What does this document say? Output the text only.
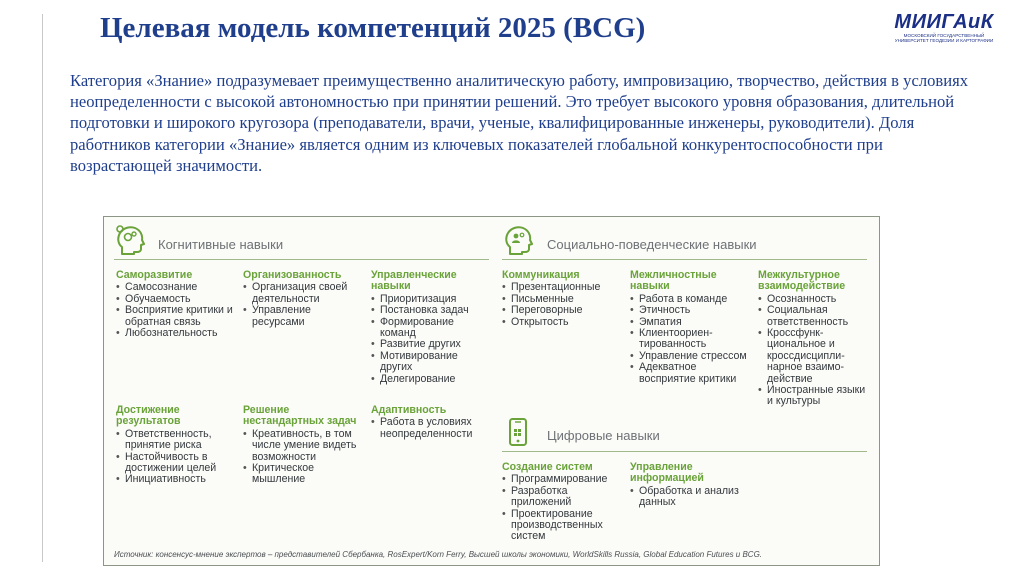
Целевая модель компетенций 2025 (BCG)	МИИГАиК
МОСКОВСКИЙ ГОСУДАРСТВЕННЫЙ УНИВЕРСИТЕТ ГЕОДЕЗИИ И КАРТОГРАФИИ

Категория «Знание» подразумевает преимущественно аналитическую работу, импровизацию, творчество, действия в условиях неопределенности с высокой автономностью при принятии решений. Это требует высокого уровня образования, длительной подготовки и широкого кругозора (преподаватели, врачи, ученые, квалифицированные инженеры, руководители). Доля работников категории «Знание» является одним из ключевых показателей глобальной конкурентоспособности при возрастающей значимости.

Когнитивные навыки	Социально-поведенческие навыки
Цифровые навыки
Саморазвитие
• Самосознание
• Обучаемость
• Восприятие критики и обратная связь
• Любознательность
Организованность
• Организация своей деятельности
• Управление ресурсами
Управленческие навыки
• Приоритизация
• Постановка задач
• Формирование команд
• Развитие других
• Мотивирование других
• Делегирование
Коммуникация
• Презентационные
• Письменные
• Переговорные
• Открытость
Межличностные навыки
• Работа в команде
• Этичность
• Эмпатия
• Клиентоориен-тированность
• Управление стрессом
• Адекватное восприятие критики
Межкультурное взаимодействие
• Осознанность
• Социальная ответственность
• Кроссфунк-циональное и кроссдисципли-нарное взаимо-действие
• Иностранные языки и культуры
Достижение результатов
• Ответственность, принятие риска
• Настойчивость в достижении целей
• Инициативность
Решение нестандартных задач
• Креативность, в том числе умение видеть возможности
• Критическое мышление
Адаптивность
• Работа в условиях неопределенности
Создание систем
• Программирование
• Разработка приложений
• Проектирование производственных систем
Управление информацией
• Обработка и анализ данных
Источник: консенсус-мнение экспертов – представителей Сбербанка, RosExpert/Korn Ferry, Высшей школы экономики, WorldSkills Russia, Global Education Futures и BCG.
